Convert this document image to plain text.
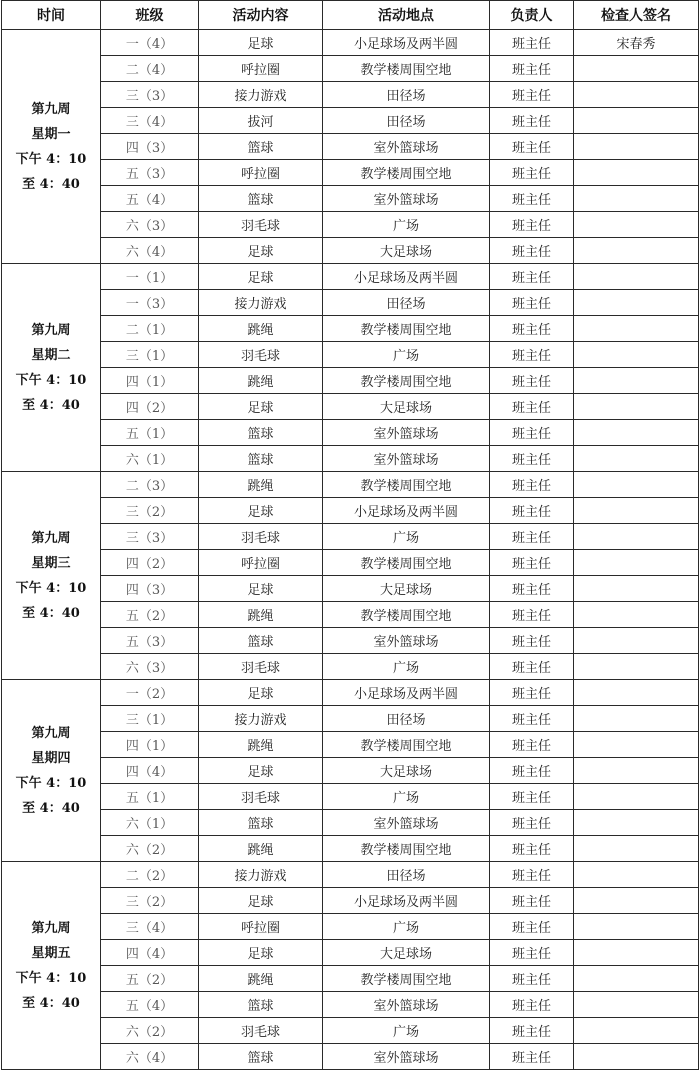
时间	班级	活动内容	活动地点	负责人	检查人签名

第九周
星期一
下午 4：10
至 4：40	一（4）	足球	小足球场及两半圆	班主任	宋春秀
	二（4）	呼拉圈	教学楼周围空地	班主任	
	三（3）	接力游戏	田径场	班主任	
	三（4）	拔河	田径场	班主任	
	四（3）	篮球	室外篮球场	班主任	
	五（3）	呼拉圈	教学楼周围空地	班主任	
	五（4）	篮球	室外篮球场	班主任	
	六（3）	羽毛球	广场	班主任	
	六（4）	足球	大足球场	班主任	

第九周
星期二
下午 4：10
至 4：40	一（1）	足球	小足球场及两半圆	班主任	
	一（3）	接力游戏	田径场	班主任	
	二（1）	跳绳	教学楼周围空地	班主任	
	三（1）	羽毛球	广场	班主任	
	四（1）	跳绳	教学楼周围空地	班主任	
	四（2）	足球	大足球场	班主任	
	五（1）	篮球	室外篮球场	班主任	
	六（1）	篮球	室外篮球场	班主任	

第九周
星期三
下午 4：10
至 4：40	二（3）	跳绳	教学楼周围空地	班主任	
	三（2）	足球	小足球场及两半圆	班主任	
	三（3）	羽毛球	广场	班主任	
	四（2）	呼拉圈	教学楼周围空地	班主任	
	四（3）	足球	大足球场	班主任	
	五（2）	跳绳	教学楼周围空地	班主任	
	五（3）	篮球	室外篮球场	班主任	
	六（3）	羽毛球	广场	班主任	

第九周
星期四
下午 4：10
至 4：40	一（2）	足球	小足球场及两半圆	班主任	
	三（1）	接力游戏	田径场	班主任	
	四（1）	跳绳	教学楼周围空地	班主任	
	四（4）	足球	大足球场	班主任	
	五（1）	羽毛球	广场	班主任	
	六（1）	篮球	室外篮球场	班主任	
	六（2）	跳绳	教学楼周围空地	班主任	

第九周
星期五
下午 4：10
至 4：40	二（2）	接力游戏	田径场	班主任	
	三（2）	足球	小足球场及两半圆	班主任	
	三（4）	呼拉圈	广场	班主任	
	四（4）	足球	大足球场	班主任	
	五（2）	跳绳	教学楼周围空地	班主任	
	五（4）	篮球	室外篮球场	班主任	
	六（2）	羽毛球	广场	班主任	
	六（4）	篮球	室外篮球场	班主任	
